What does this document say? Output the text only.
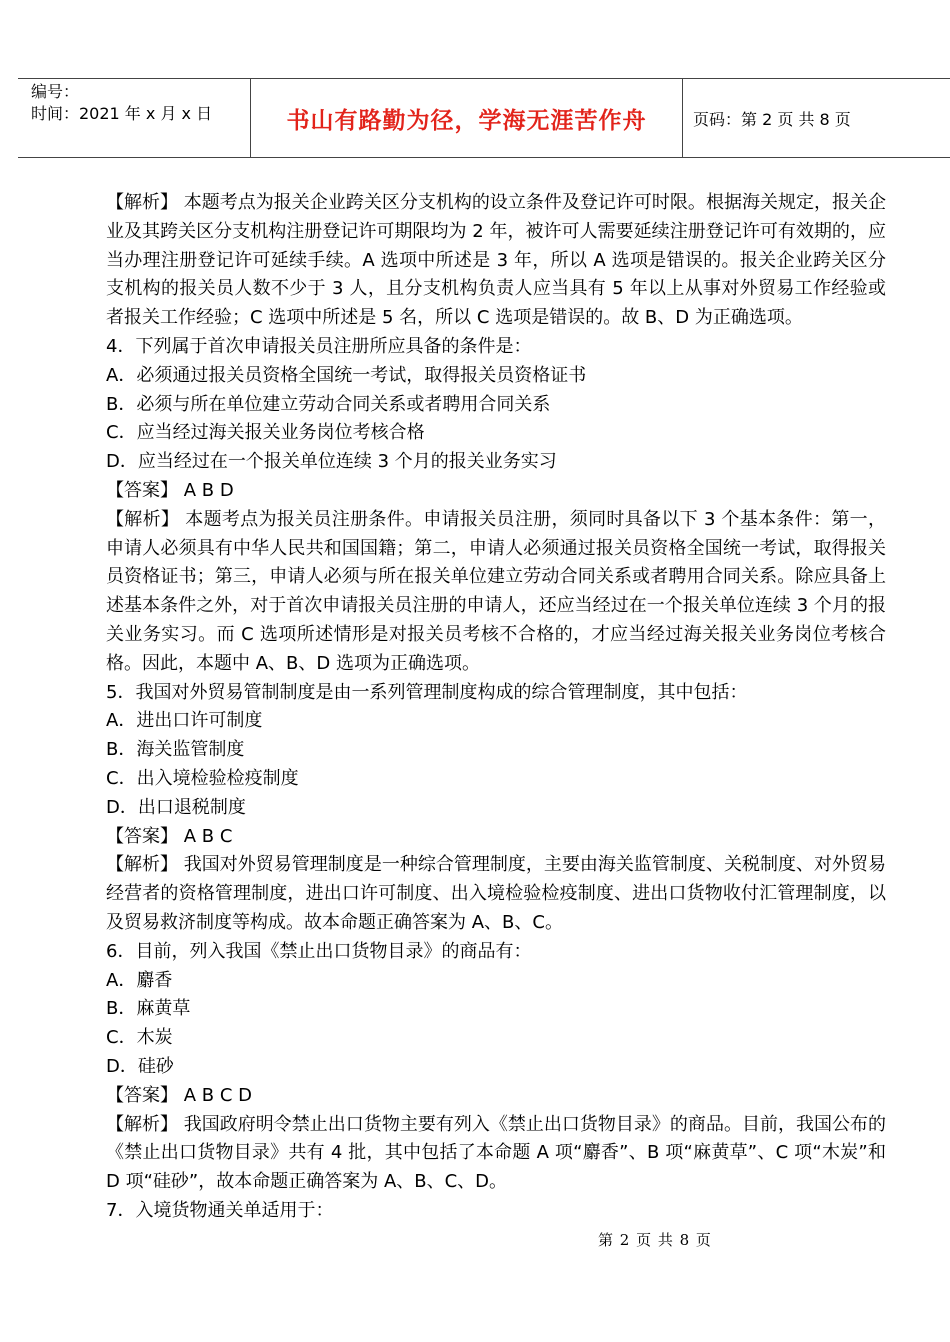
编号：
时间：2021 年 x 月 x 日	书山有路勤为径，学海无涯苦作舟	页码：第 2 页 共 8 页

【解析】 本题考点为报关企业跨关区分支机构的设立条件及登记许可时限。根据海关规定，报关企业及其跨关区分支机构注册登记许可期限均为 2 年，被许可人需要延续注册登记许可有效期的，应当办理注册登记许可延续手续。A 选项中所述是 3 年，所以 A 选项是错误的。报关企业跨关区分支机构的报关员人数不少于 3 人，且分支机构负责人应当具有 5 年以上从事对外贸易工作经验或者报关工作经验；C 选项中所述是 5 名，所以 C 选项是错误的。故 B、D 为正确选项。

4．下列属于首次申请报关员注册所应具备的条件是：

A．必须通过报关员资格全国统一考试，取得报关员资格证书

B．必须与所在单位建立劳动合同关系或者聘用合同关系

C．应当经过海关报关业务岗位考核合格

D．应当经过在一个报关单位连续 3 个月的报关业务实习

【答案】 A B D

【解析】 本题考点为报关员注册条件。申请报关员注册，须同时具备以下 3 个基本条件：第一，申请人必须具有中华人民共和国国籍；第二，申请人必须通过报关员资格全国统一考试，取得报关员资格证书；第三，申请人必须与所在报关单位建立劳动合同关系或者聘用合同关系。除应具备上述基本条件之外，对于首次申请报关员注册的申请人，还应当经过在一个报关单位连续 3 个月的报关业务实习。而 C 选项所述情形是对报关员考核不合格的，才应当经过海关报关业务岗位考核合格。因此，本题中 A、B、D 选项为正确选项。

5．我国对外贸易管制制度是由一系列管理制度构成的综合管理制度，其中包括：

A．进出口许可制度

B．海关监管制度

C．出入境检验检疫制度

D．出口退税制度

【答案】 A B C

【解析】 我国对外贸易管理制度是一种综合管理制度，主要由海关监管制度、关税制度、对外贸易经营者的资格管理制度，进出口许可制度、出入境检验检疫制度、进出口货物收付汇管理制度，以及贸易救济制度等构成。故本命题正确答案为 A、B、C。

6．目前，列入我国《禁止出口货物目录》的商品有：

A．麝香

B．麻黄草

C．木炭

D．硅砂

【答案】 A B C D

【解析】 我国政府明令禁止出口货物主要有列入《禁止出口货物目录》的商品。目前，我国公布的《禁止出口货物目录》共有 4 批，其中包括了本命题 A 项“麝香”、B 项“麻黄草”、C 项“木炭”和 D 项“硅砂”，故本命题正确答案为 A、B、C、D。

7．入境货物通关单适用于：

第 2 页 共 8 页
